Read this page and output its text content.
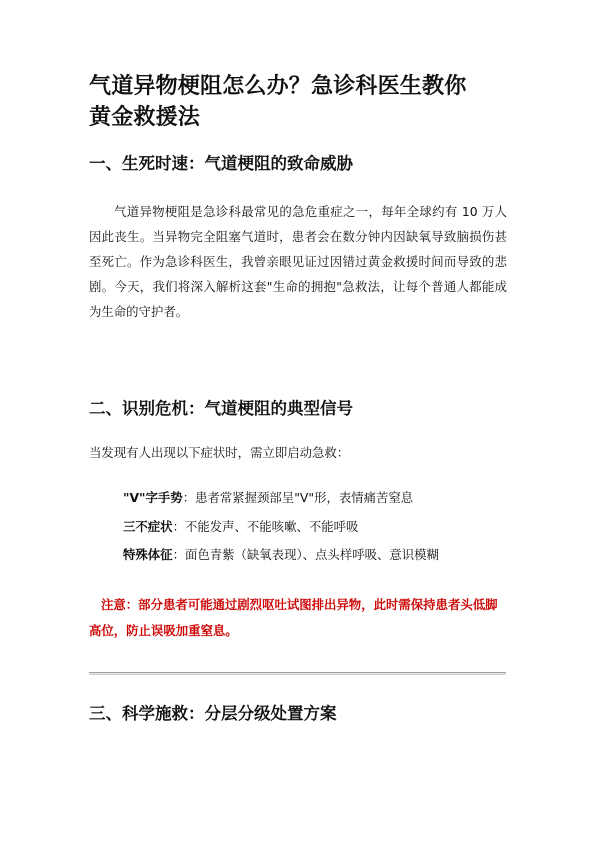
气道异物梗阻怎么办？急诊科医生教你
黄金救援法
一、生死时速：气道梗阻的致命威胁

气道异物梗阻是急诊科最常见的急危重症之一，每年全球约有 10 万人因此丧生。当异物完全阻塞气道时，患者会在数分钟内因缺氧导致脑损伤甚至死亡。作为急诊科医生，我曾亲眼见证过因错过黄金救援时间而导致的悲剧。今天，我们将深入解析这套"生命的拥抱"急救法，让每个普通人都能成为生命的守护者。

二、识别危机：气道梗阻的典型信号

当发现有人出现以下症状时，需立即启动急救：

"V"字手势：患者常紧握颈部呈"V"形，表情痛苦窒息
三不症状：不能发声、不能咳嗽、不能呼吸
特殊体征：面色青紫（缺氧表现）、点头样呼吸、意识模糊

注意：部分患者可能通过剧烈呕吐试图排出异物，此时需保持患者头低脚高位，防止误吸加重窒息。

三、科学施救：分层分级处置方案
